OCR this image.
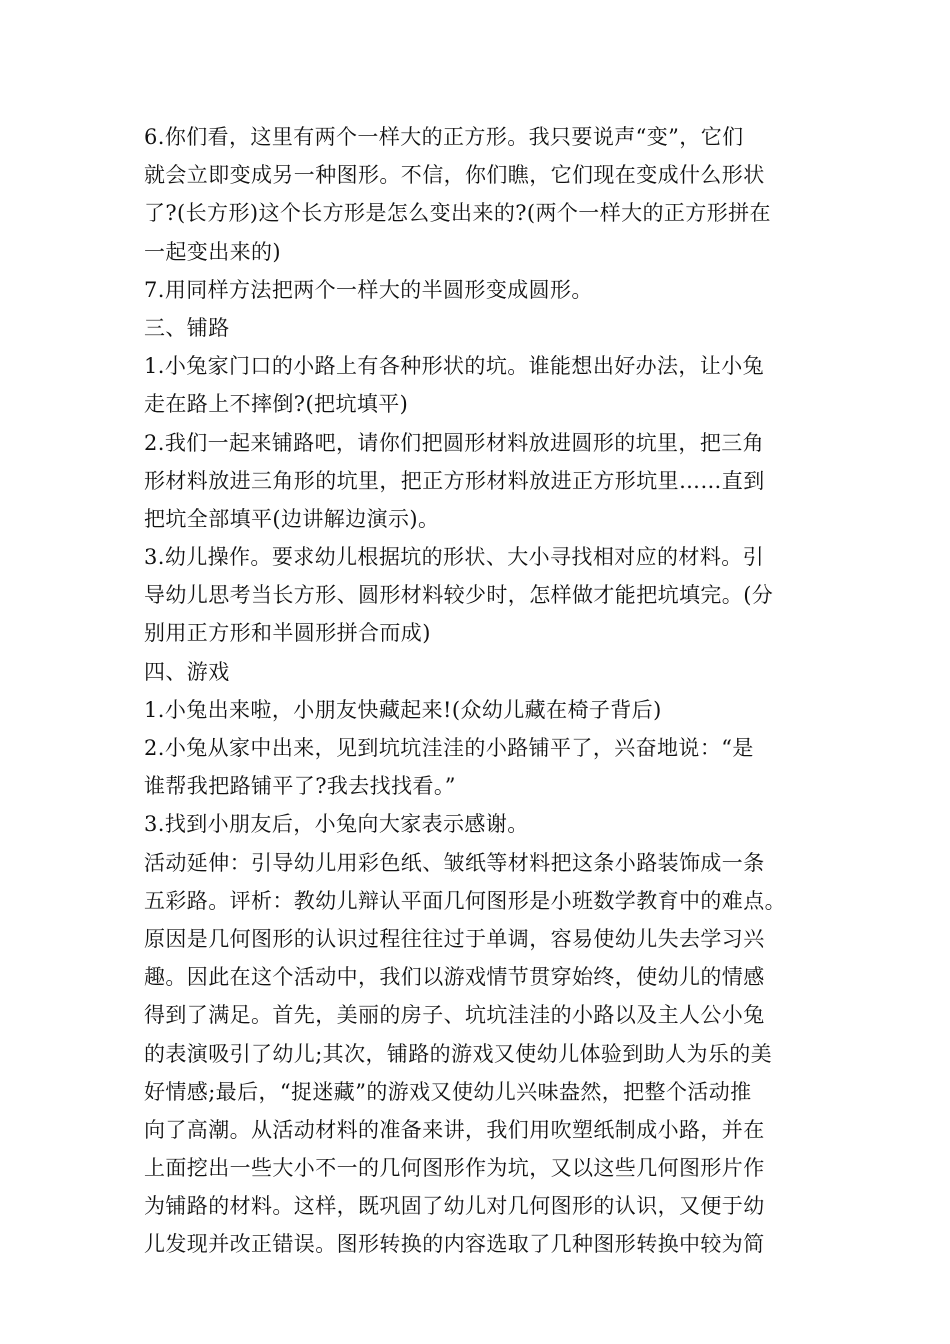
6.你们看，这里有两个一样大的正方形。我只要说声“变”，它们
就会立即变成另一种图形。不信，你们瞧，它们现在变成什么形状
了?(长方形)这个长方形是怎么变出来的?(两个一样大的正方形拼在
一起变出来的)
7.用同样方法把两个一样大的半圆形变成圆形。
三、铺路
1.小兔家门口的小路上有各种形状的坑。谁能想出好办法，让小兔
走在路上不摔倒?(把坑填平)
2.我们一起来铺路吧，请你们把圆形材料放进圆形的坑里，把三角
形材料放进三角形的坑里，把正方形材料放进正方形坑里……直到
把坑全部填平(边讲解边演示)。
3.幼儿操作。要求幼儿根据坑的形状、大小寻找相对应的材料。引
导幼儿思考当长方形、圆形材料较少时，怎样做才能把坑填完。(分
别用正方形和半圆形拼合而成)
四、游戏
1.小兔出来啦，小朋友快藏起来!(众幼儿藏在椅子背后)
2.小兔从家中出来，见到坑坑洼洼的小路铺平了，兴奋地说：“是
谁帮我把路铺平了?我去找找看。”
3.找到小朋友后，小兔向大家表示感谢。
活动延伸：引导幼儿用彩色纸、皱纸等材料把这条小路装饰成一条
五彩路。评析：教幼儿辩认平面几何图形是小班数学教育中的难点。
原因是几何图形的认识过程往往过于单调，容易使幼儿失去学习兴
趣。因此在这个活动中，我们以游戏情节贯穿始终，使幼儿的情感
得到了满足。首先，美丽的房子、坑坑洼洼的小路以及主人公小兔
的表演吸引了幼儿;其次，铺路的游戏又使幼儿体验到助人为乐的美
好情感;最后，“捉迷藏”的游戏又使幼儿兴味盎然，把整个活动推
向了高潮。从活动材料的准备来讲，我们用吹塑纸制成小路，并在
上面挖出一些大小不一的几何图形作为坑，又以这些几何图形片作
为铺路的材料。这样，既巩固了幼儿对几何图形的认识，又便于幼
儿发现并改正错误。图形转换的内容选取了几种图形转换中较为简
